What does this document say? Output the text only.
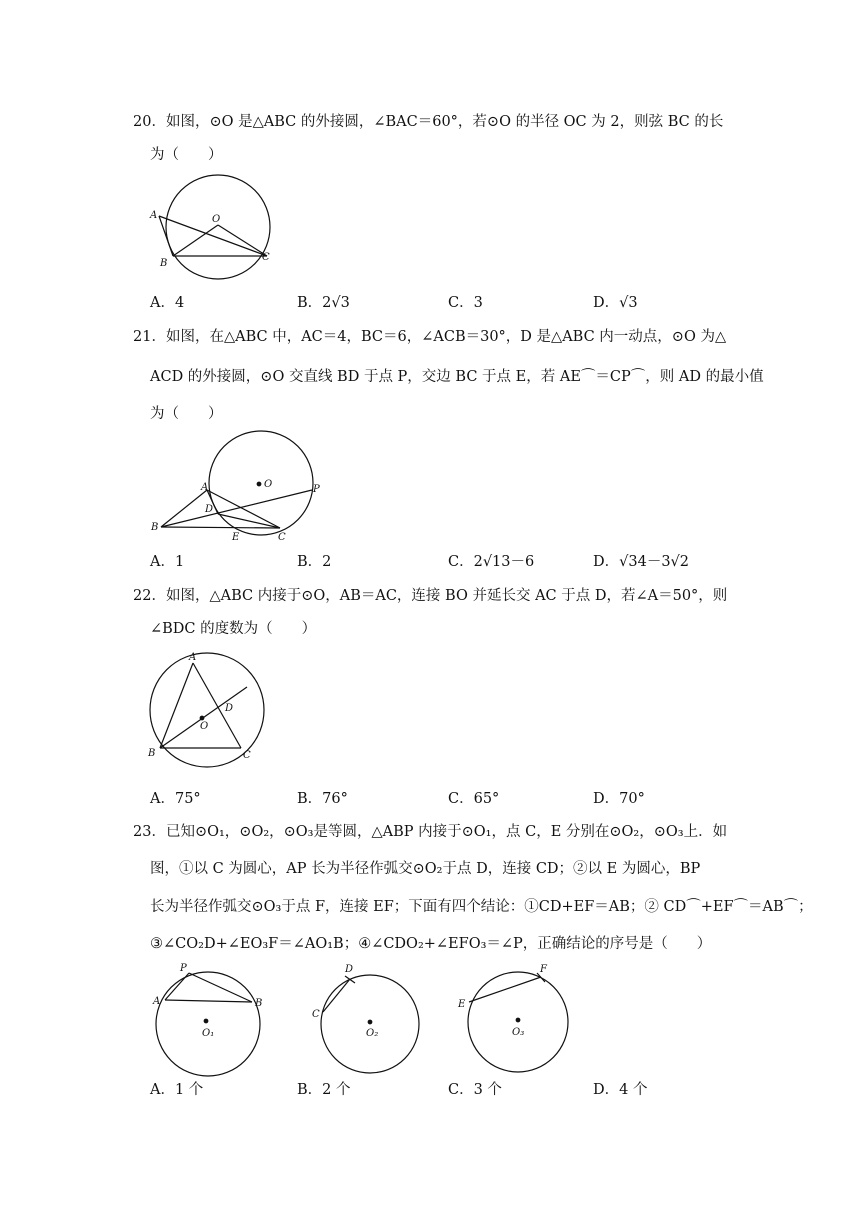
20．如图，⊙O 是△ABC 的外接圆，∠BAC＝60°，若⊙O 的半径 OC 为 2，则弦 BC 的长
为（　　）
A	O
B
C
A．4	B．2√3	C．3	D．√3
21．如图，在△ABC 中，AC＝4，BC＝6，∠ACB＝30°，D 是△ABC 内一动点，⊙O 为△
ACD 的外接圆，⊙O 交直线 BD 于点 P，交边 BC 于点 E，若 AE⌒＝CP⌒，则 AD 的最小值
为（　　）
A	O	P
D
B
E	C
A．1	B．2	C．2√13－6	D．√34－3√2
22．如图，△ABC 内接于⊙O，AB＝AC，连接 BO 并延长交 AC 于点 D，若∠A＝50°，则
∠BDC 的度数为（　　）
A
D
O
B	C
A．75°	B．76°	C．65°	D．70°
23．已知⊙O₁，⊙O₂，⊙O₃是等圆，△ABP 内接于⊙O₁，点 C，E 分别在⊙O₂，⊙O₃上．如
图，①以 C 为圆心，AP 长为半径作弧交⊙O₂于点 D，连接 CD；②以 E 为圆心，BP
长为半径作弧交⊙O₃于点 F，连接 EF；下面有四个结论：①CD+EF＝AB；② CD⌒+EF⌒＝AB⌒；
③∠CO₂D+∠EO₃F＝∠AO₁B；④∠CDO₂+∠EFO₃＝∠P，正确结论的序号是（　　）
P
A	B
O₁
D
C
O₂
F
E
O₃
A．1 个	B．2 个	C．3 个	D．4 个
